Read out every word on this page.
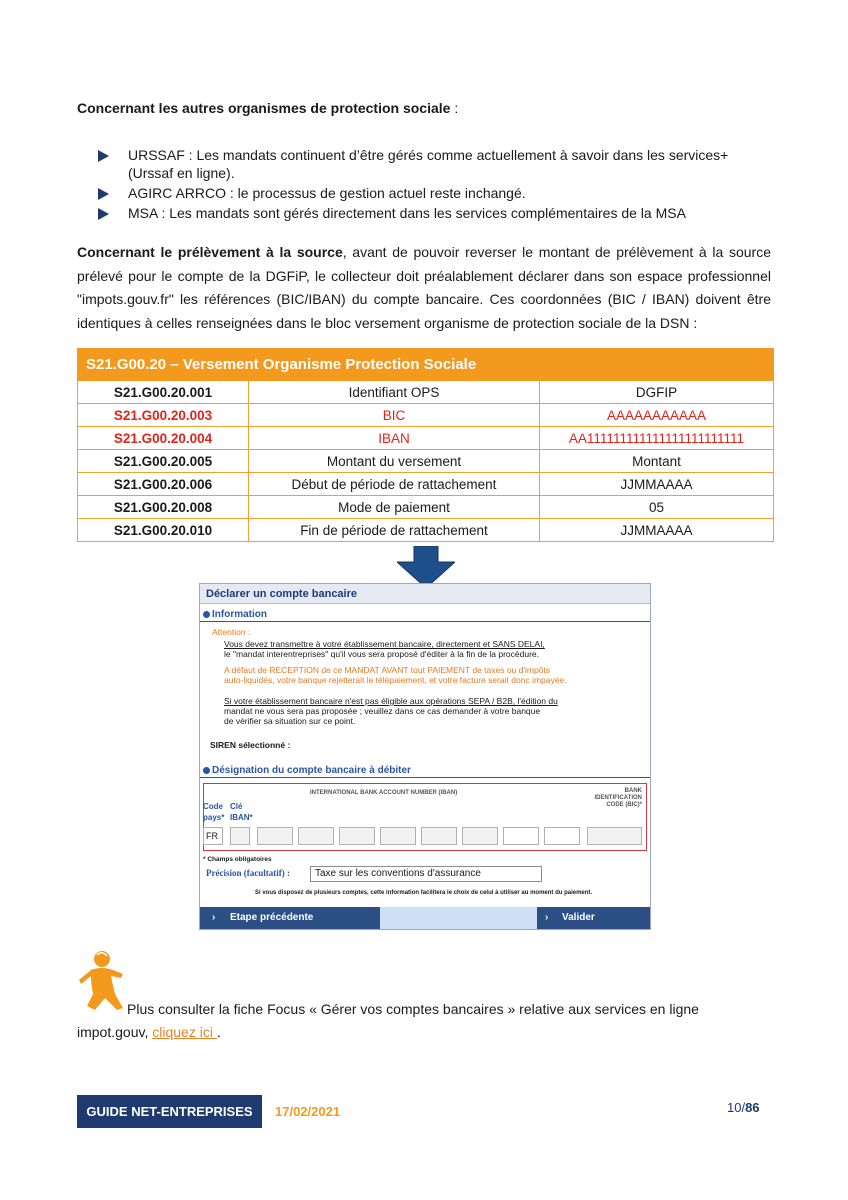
Concernant les autres organismes de protection sociale :
URSSAF : Les mandats continuent d’être gérés comme actuellement à savoir dans les services+ (Urssaf en ligne).
AGIRC ARRCO : le processus de gestion actuel reste inchangé.
MSA : Les mandats sont gérés directement dans les services complémentaires de la MSA
Concernant le prélèvement à la source, avant de pouvoir reverser le montant de prélèvement à la source prélevé pour le compte de la DGFiP, le collecteur doit préalablement déclarer dans son espace professionnel "impots.gouv.fr" les références (BIC/IBAN) du compte bancaire. Ces coordonnées (BIC / IBAN) doivent être identiques à celles renseignées dans le bloc versement organisme de protection sociale de la DSN :
S21.G00.20 – Versement Organisme Protection Sociale		
S21.G00.20.001	Identifiant OPS	DGFIP
S21.G00.20.003	BIC	AAAAAAAAAAA
S21.G00.20.004	IBAN	AA111111111111111111111111
S21.G00.20.005	Montant du versement	Montant
S21.G00.20.006	Début de période de rattachement	JJMMAAAA
S21.G00.20.008	Mode de paiement	05
S21.G00.20.010	Fin de période de rattachement	JJMMAAAA
Déclarer un compte bancaire
Information
Attention :
Vous devez transmettre à votre établissement bancaire, directement et SANS DELAI,
le "mandat interentreprises" qu'il vous sera proposé d'éditer à la fin de la procédure.
A défaut de RECEPTION de ce MANDAT AVANT tout PAIEMENT de taxes ou d'impôts
auto-liquidés, votre banque rejetterait le télépaiement, et votre facture serait donc impayée.
Si votre établissement bancaire n'est pas éligible aux opérations SEPA / B2B, l'édition du
mandat ne vous sera pas proposée ; veuillez dans ce cas demander à votre banque
de vérifier sa situation sur ce point.
SIREN sélectionné :
Désignation du compte bancaire à débiter
INTERNATIONAL BANK ACCOUNT NUMBER (IBAN)	BANK IDENTIFICATION CODE (BIC)*
Code pays*
Clé IBAN*
FR
* Champs obligatoires
Précision (facultatif) :	Taxe sur les conventions d'assurance
Si vous disposez de plusieurs comptes, cette information facilitera le choix de celui à utiliser au moment du paiement.
› Etape précédente	› Valider
Plus consulter la fiche Focus « Gérer vos comptes bancaires » relative aux services en ligne
impot.gouv, cliquez ici .
GUIDE NET-ENTREPRISES	17/02/2021	10/86
